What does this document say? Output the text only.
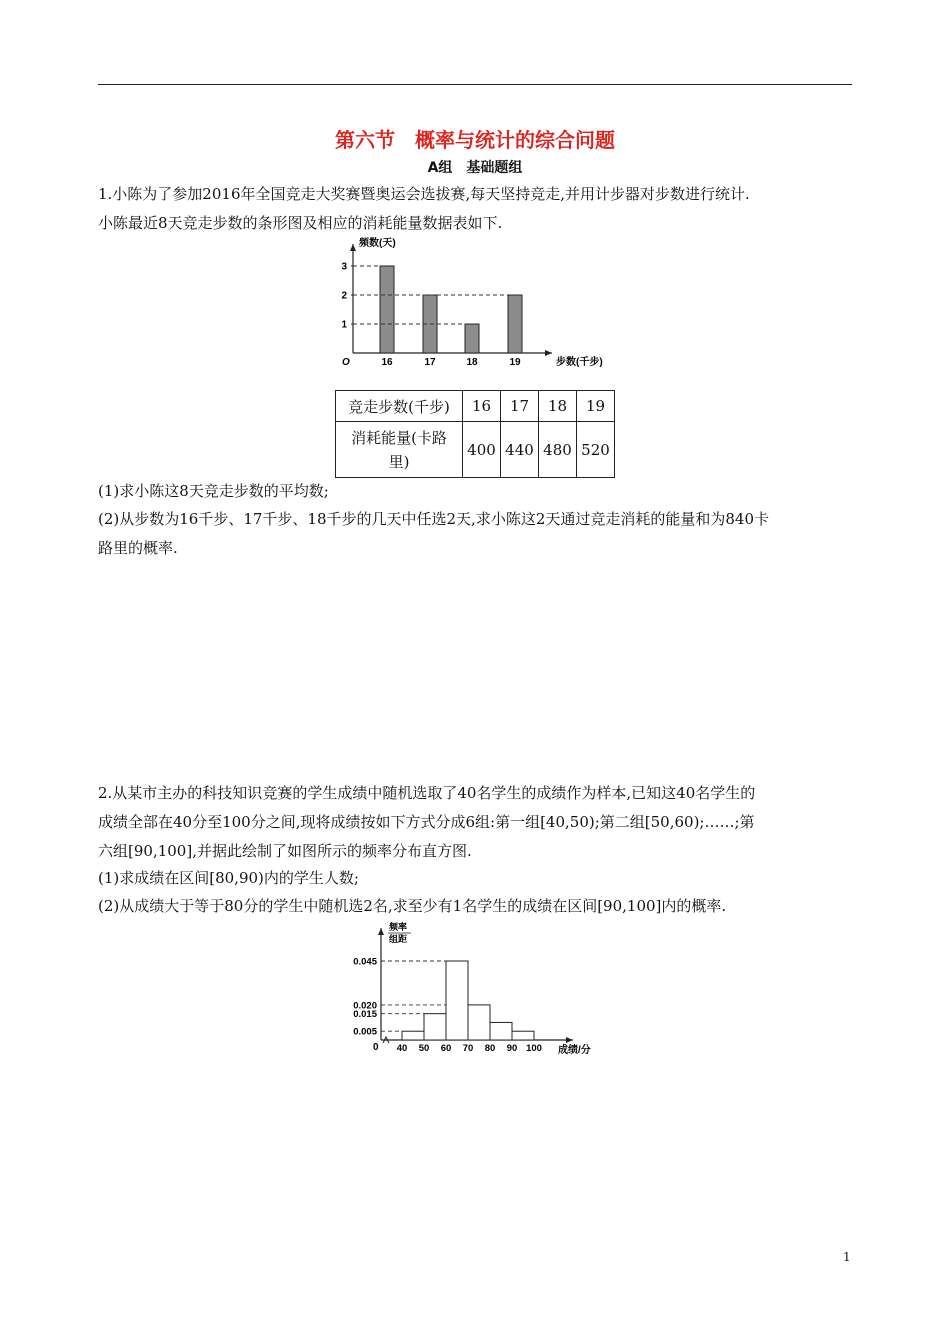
第六节　概率与统计的综合问题
A组　基础题组
1.小陈为了参加2016年全国竞走大奖赛暨奥运会选拔赛,每天坚持竞走,并用计步器对步数进行统计.
小陈最近8天竞走步数的条形图及相应的消耗能量数据表如下.
频数(天)
步数(千步)
O
1
2
3
16	17	18	19
竞走步数(千步)	16	17	18	19

消耗能量(卡路
里)	400	440	480	520
(1)求小陈这8天竞走步数的平均数;
(2)从步数为16千步、17千步、18千步的几天中任选2天,求小陈这2天通过竞走消耗的能量和为840卡
路里的概率.
2.从某市主办的科技知识竞赛的学生成绩中随机选取了40名学生的成绩作为样本,已知这40名学生的
成绩全部在40分至100分之间,现将成绩按如下方式分成6组:第一组[40,50);第二组[50,60);……;第
六组[90,100],并据此绘制了如图所示的频率分布直方图.
(1)求成绩在区间[80,90)内的学生人数;
(2)从成绩大于等于80分的学生中随机选2名,求至少有1名学生的成绩在区间[90,100]内的概率.
频率
组距
成绩/分
0
0.005
0.015
0.020
0.045
40 50 60 70 80 90 100
1
